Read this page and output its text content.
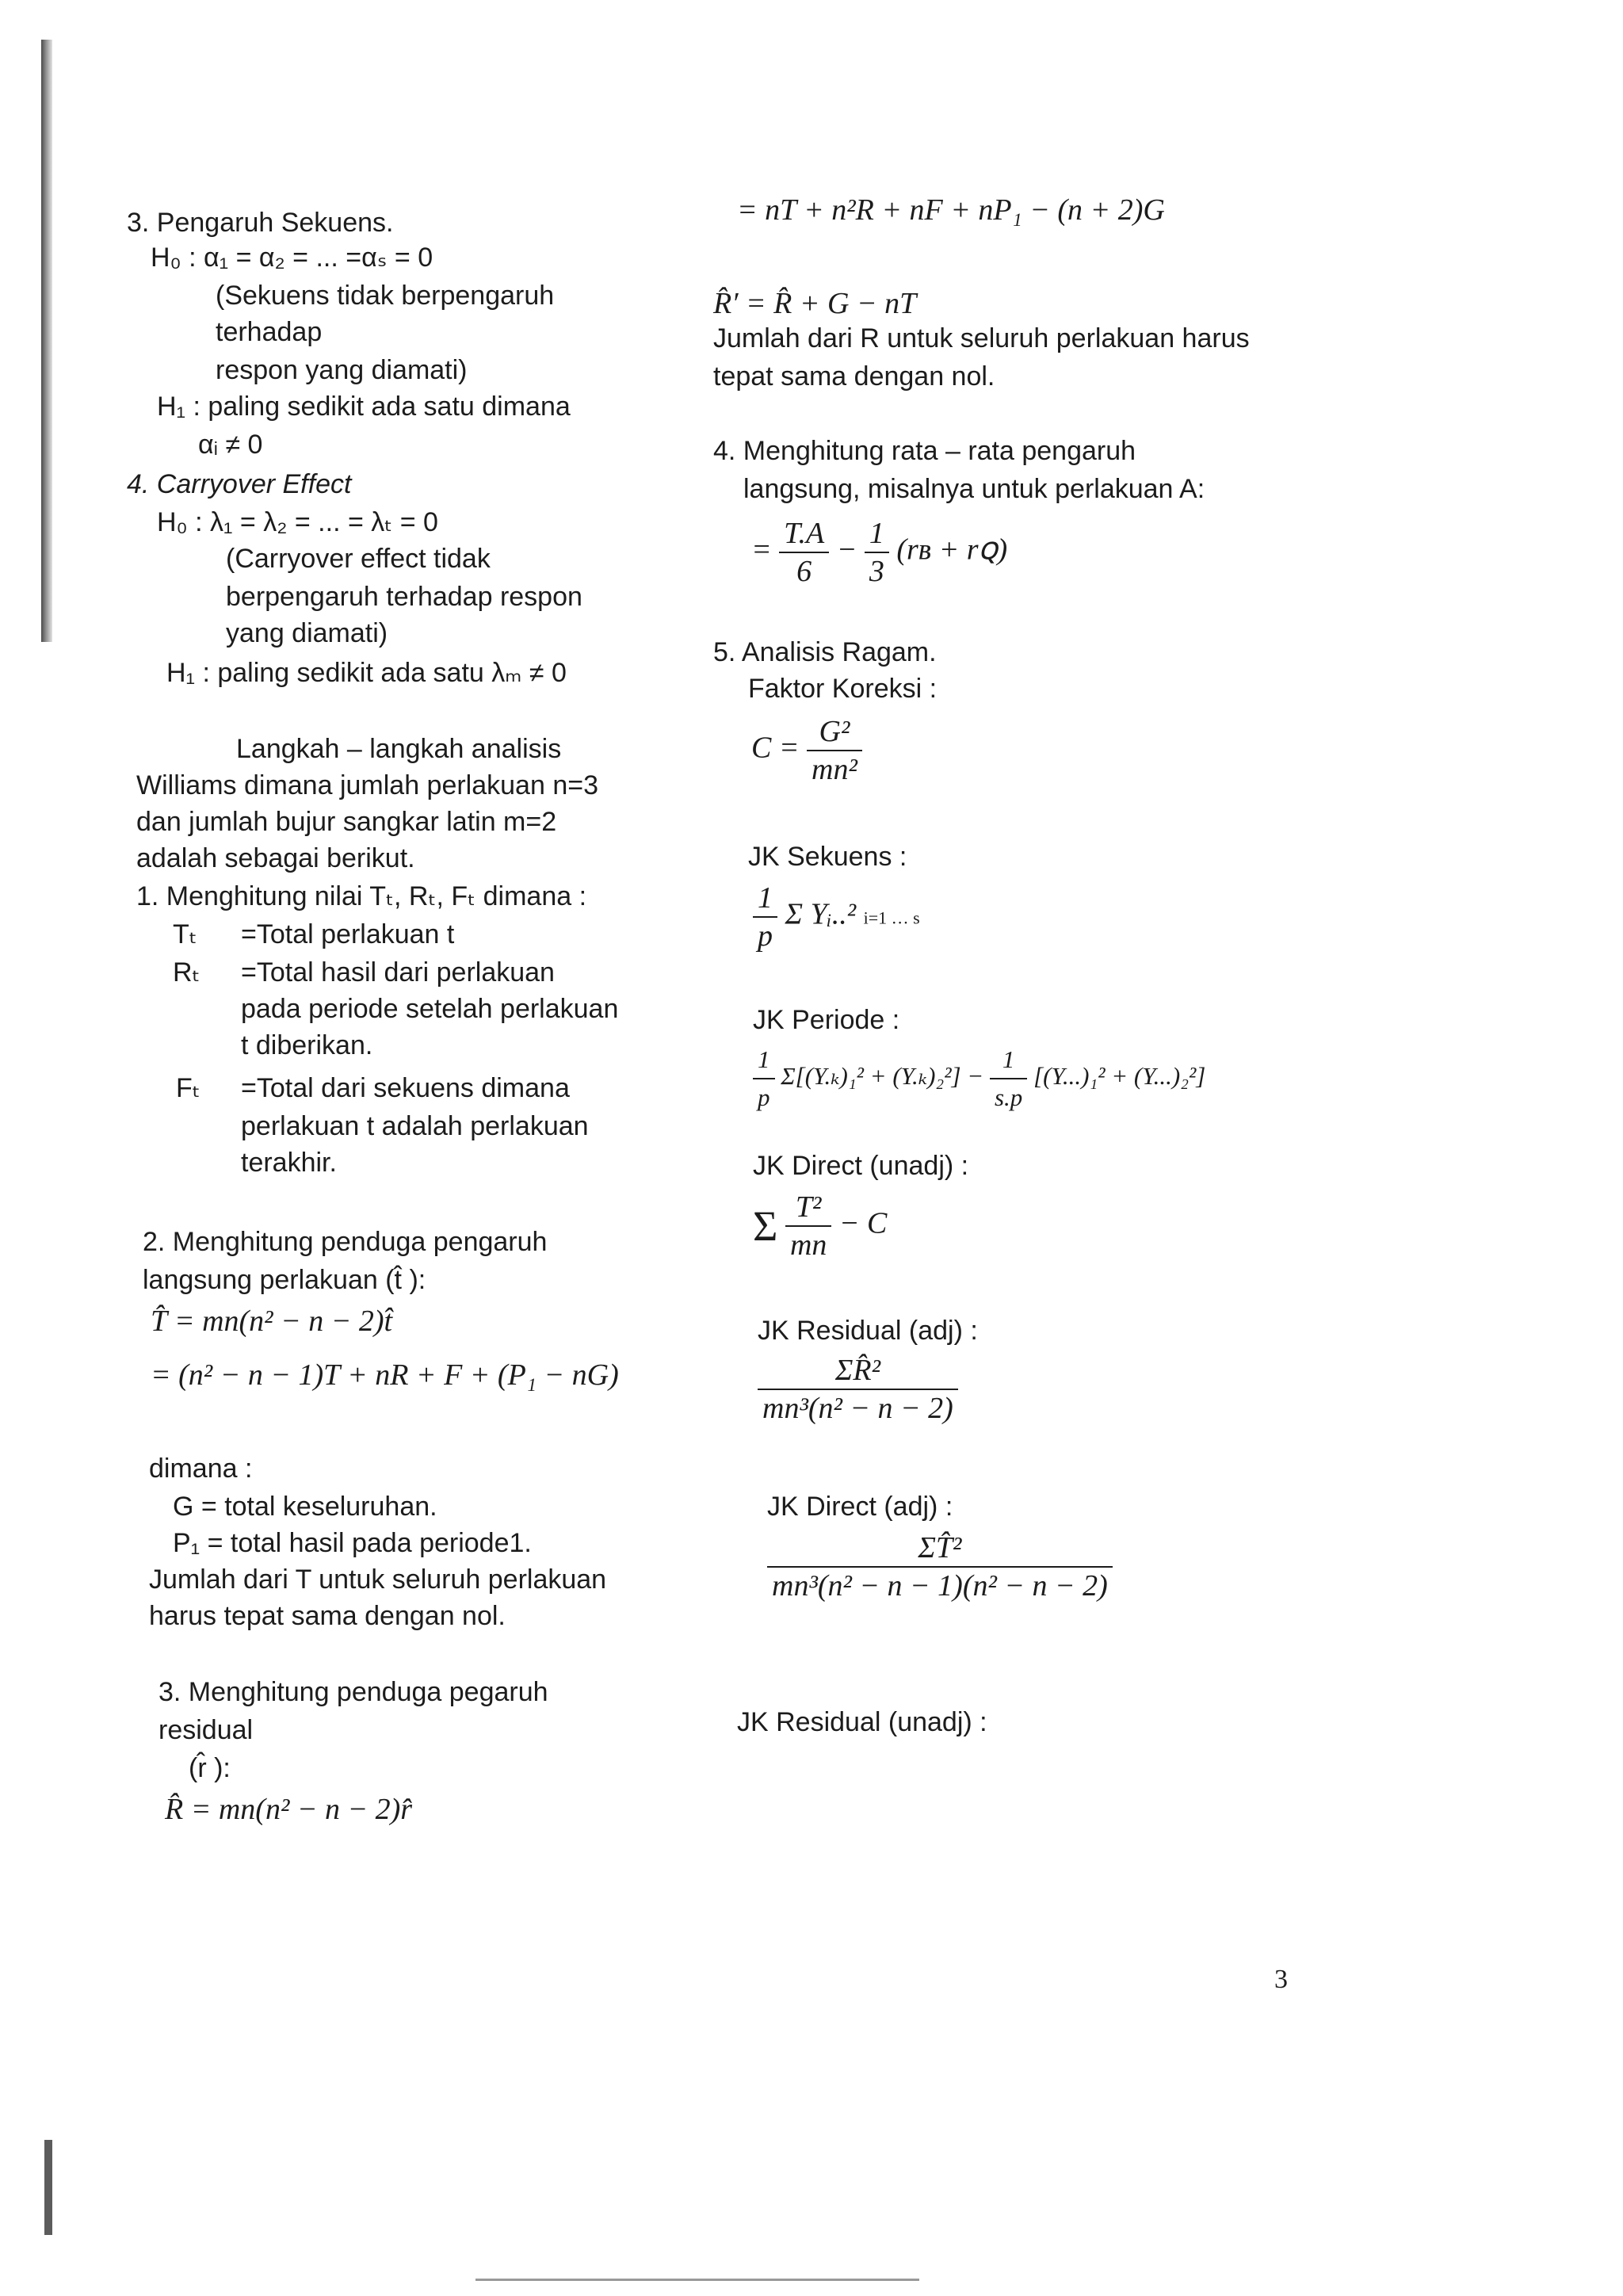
3. Pengaruh Sekuens.
H₀ : α₁ = α₂ = ... =αₛ = 0
(Sekuens tidak berpengaruh
terhadap
respon yang diamati)
H₁ : paling sedikit ada satu dimana
αᵢ ≠ 0
4. Carryover Effect
H₀ : λ₁ = λ₂ = ... = λₜ = 0
(Carryover effect tidak
berpengaruh terhadap respon
yang diamati)
H₁ : paling sedikit ada satu λₘ ≠ 0
Langkah – langkah analisis
Williams dimana jumlah perlakuan n=3
dan jumlah bujur sangkar latin m=2
adalah sebagai berikut.
1. Menghitung nilai Tₜ, Rₜ, Fₜ dimana :
Tₜ =Total perlakuan t
Rₜ =Total hasil dari perlakuan
pada periode setelah perlakuan
t diberikan.
Fₜ =Total dari sekuens dimana
perlakuan t adalah perlakuan
terakhir.
2. Menghitung penduga pengaruh
langsung perlakuan (t̂ ):
T̂ = mn(n² − n − 2)t̂
= (n² − n − 1)T + nR + F + (P₁ − nG)
dimana :
G = total keseluruhan.
P₁ = total hasil pada periode1.
Jumlah dari T untuk seluruh perlakuan
harus tepat sama dengan nol.
3. Menghitung penduga pegaruh
residual
(r̂ ):
R̂ = mn(n² − n − 2)r̂
= nT + n²R + nF + nP₁ − (n + 2)G
R̂′ = R̂ + G − nT
Jumlah dari R untuk seluruh perlakuan harus
tepat sama dengan nol.
4. Menghitung rata – rata pengaruh
langsung, misalnya untuk perlakuan A:
= $\frac{T.A}{6} - \frac{1}{3}$ (rʙ + rꞯ)
5. Analisis Ragam.
Faktor Koreksi :
$C = \frac{\text{G²}}{\text{mn²}}$
JK Sekuens :
$\frac{1}{p}$ Σ Yᵢ..² i=1 … s
JK Periode :
$\frac{1}{p} \Sigma[(Y._k)_1^2 + (Y._k)_2^2] - \frac{1}{s.p} [(Y...)_1^2 + (Y...)_2^2]$
JK Direct (unadj) :
Σ $\frac{\text{T²}}{mn} - C$
JK Residual (adj) :
$\frac{\text{ΣR̂²}}{\text{mn³(n² − n − 2)}}$
JK Direct (adj) :
$\frac{\text{ΣT̂²}}{\text{mn³(n² − n − 1)(n² − n − 2)}}$
JK Residual (unadj) :
3
